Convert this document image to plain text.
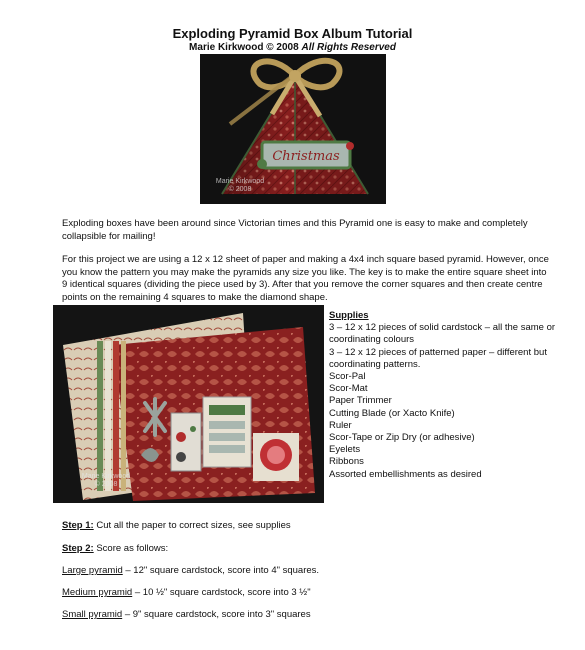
Exploding Pyramid Box Album Tutorial
Marie Kirkwood © 2008 All Rights Reserved
Christmas
Marie Kirkwood
© 2008
Exploding boxes have been around since Victorian times and this Pyramid one is easy to make and completely collapsible for mailing!
For this project we are using a 12 x 12 sheet of paper and making a 4x4 inch square based pyramid. However, once you know the pattern you may make the pyramids any size you like. The key is to make the entire square sheet into 9 identical squares (dividing the piece used by 3). After that you remove the corner squares and then create centre points on the remaining 4 squares to make the diamond shape.
Marie Kirkwood
© 2008
Supplies
3 – 12 x 12 pieces of solid cardstock – all the same or coordinating colours
3 – 12 x 12 pieces of patterned paper – different but coordinating patterns.
Scor-Pal
Scor-Mat
Paper Trimmer
Cutting Blade (or Xacto Knife)
Ruler
Scor-Tape or Zip Dry (or adhesive)
Eyelets
Ribbons
Assorted embellishments as desired
Step 1: Cut all the paper to correct sizes, see supplies
Step 2: Score as follows:
Large pyramid – 12" square cardstock, score into 4" squares.
Medium pyramid – 10 ½" square cardstock, score into 3 ½"
Small pyramid – 9" square cardstock, score into 3" squares
